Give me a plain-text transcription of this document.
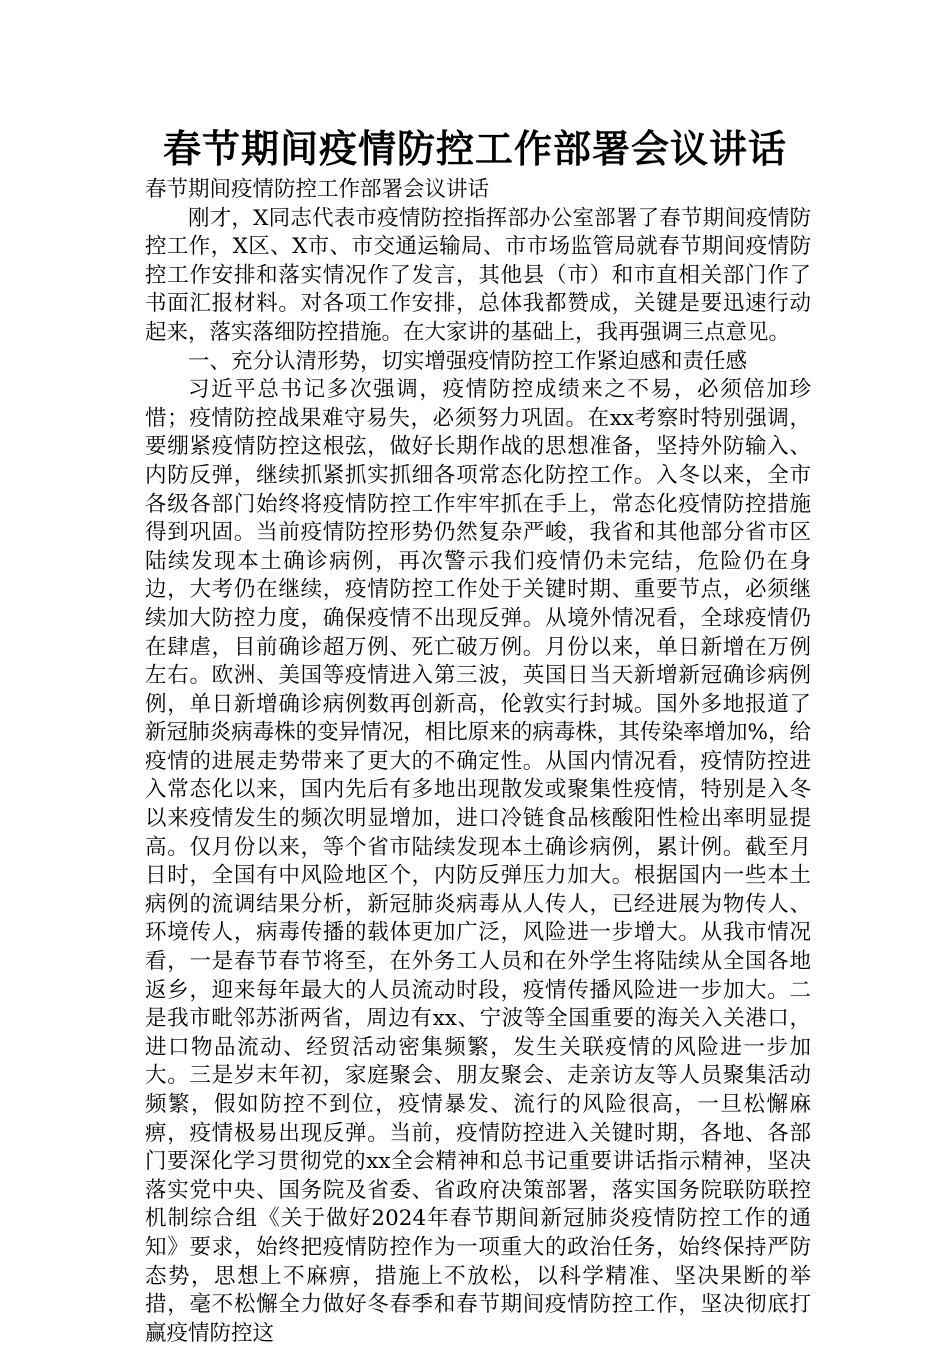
春节期间疫情防控工作部署会议讲话

春节期间疫情防控工作部署会议讲话

刚才，X同志代表市疫情防控指挥部办公室部署了春节期间疫情防控工作，X区、X市、市交通运输局、市市场监管局就春节期间疫情防控工作安排和落实情况作了发言，其他县（市）和市直相关部门作了书面汇报材料。对各项工作安排，总体我都赞成，关键是要迅速行动起来，落实落细防控措施。在大家讲的基础上，我再强调三点意见。

一、充分认清形势，切实增强疫情防控工作紧迫感和责任感

习近平总书记多次强调，疫情防控成绩来之不易，必须倍加珍惜；疫情防控战果难守易失，必须努力巩固。在xx考察时特别强调，要绷紧疫情防控这根弦，做好长期作战的思想准备，坚持外防输入、内防反弹，继续抓紧抓实抓细各项常态化防控工作。入冬以来，全市各级各部门始终将疫情防控工作牢牢抓在手上，常态化疫情防控措施得到巩固。当前疫情防控形势仍然复杂严峻，我省和其他部分省市区陆续发现本土确诊病例，再次警示我们疫情仍未完结，危险仍在身边，大考仍在继续，疫情防控工作处于关键时期、重要节点，必须继续加大防控力度，确保疫情不出现反弹。从境外情况看，全球疫情仍在肆虐，目前确诊超万例、死亡破万例。月份以来，单日新增在万例左右。欧洲、美国等疫情进入第三波，英国日当天新增新冠确诊病例例，单日新增确诊病例数再创新高，伦敦实行封城。国外多地报道了新冠肺炎病毒株的变异情况，相比原来的病毒株，其传染率增加%，给疫情的进展走势带来了更大的不确定性。从国内情况看，疫情防控进入常态化以来，国内先后有多地出现散发或聚集性疫情，特别是入冬以来疫情发生的频次明显增加，进口冷链食品核酸阳性检出率明显提高。仅月份以来，等个省市陆续发现本土确诊病例，累计例。截至月日时，全国有中风险地区个，内防反弹压力加大。根据国内一些本土病例的流调结果分析，新冠肺炎病毒从人传人，已经进展为物传人、环境传人，病毒传播的载体更加广泛，风险进一步增大。从我市情况看，一是春节春节将至，在外务工人员和在外学生将陆续从全国各地返乡，迎来每年最大的人员流动时段，疫情传播风险进一步加大。二是我市毗邻苏浙两省，周边有xx、宁波等全国重要的海关入关港口，进口物品流动、经贸活动密集频繁，发生关联疫情的风险进一步加大。三是岁末年初，家庭聚会、朋友聚会、走亲访友等人员聚集活动频繁，假如防控不到位，疫情暴发、流行的风险很高，一旦松懈麻痹，疫情极易出现反弹。当前，疫情防控进入关键时期，各地、各部门要深化学习贯彻党的xx全会精神和总书记重要讲话指示精神，坚决落实党中央、国务院及省委、省政府决策部署，落实国务院联防联控机制综合组《关于做好2024年春节期间新冠肺炎疫情防控工作的通知》要求，始终把疫情防控作为一项重大的政治任务，始终保持严防态势，思想上不麻痹，措施上不放松，以科学精准、坚决果断的举措，毫不松懈全力做好冬春季和春节期间疫情防控工作，坚决彻底打赢疫情防控这
